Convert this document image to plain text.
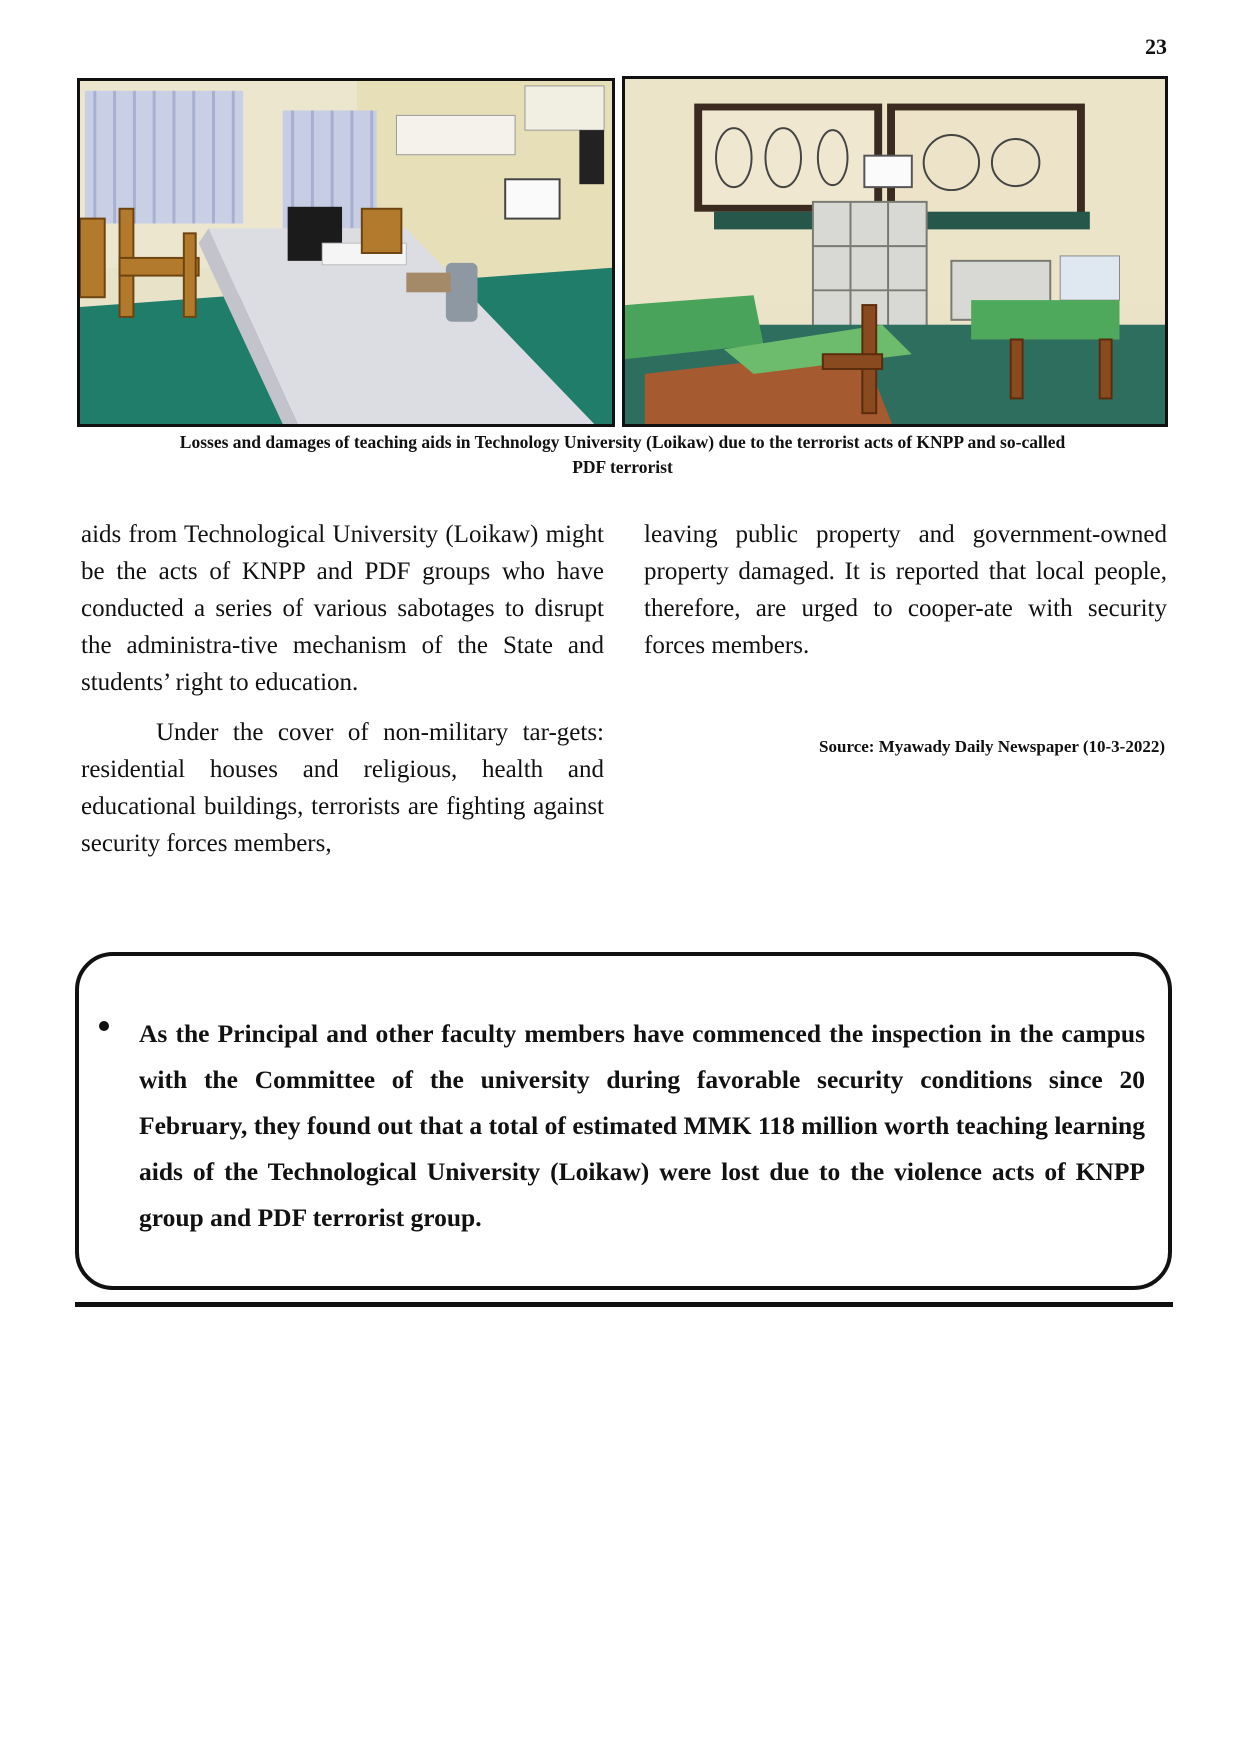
23
Losses and damages of teaching aids in Technology University (Loikaw) due to the terrorist acts of KNPP and so-called
PDF terrorist

aids from Technological University (Loikaw) might be the acts of KNPP and PDF groups who have conducted a series of various sabotages to disrupt the administra-tive mechanism of the State and students’ right to education.

Under the cover of non-military tar-gets: residential houses and religious, health and educational buildings, terrorists are fighting against security forces members,

leaving public property and government-owned property damaged. It is reported that local people, therefore, are urged to cooper-ate with security forces members.

Source: Myawady Daily Newspaper (10-3-2022)
As the Principal and other faculty members have commenced the inspection in the campus with the Committee of the university during favorable security conditions since 20 February, they found out that a total of estimated MMK 118 million worth teaching learning aids of the Technological University (Loikaw) were lost due to the violence acts of KNPP group and PDF terrorist group.
